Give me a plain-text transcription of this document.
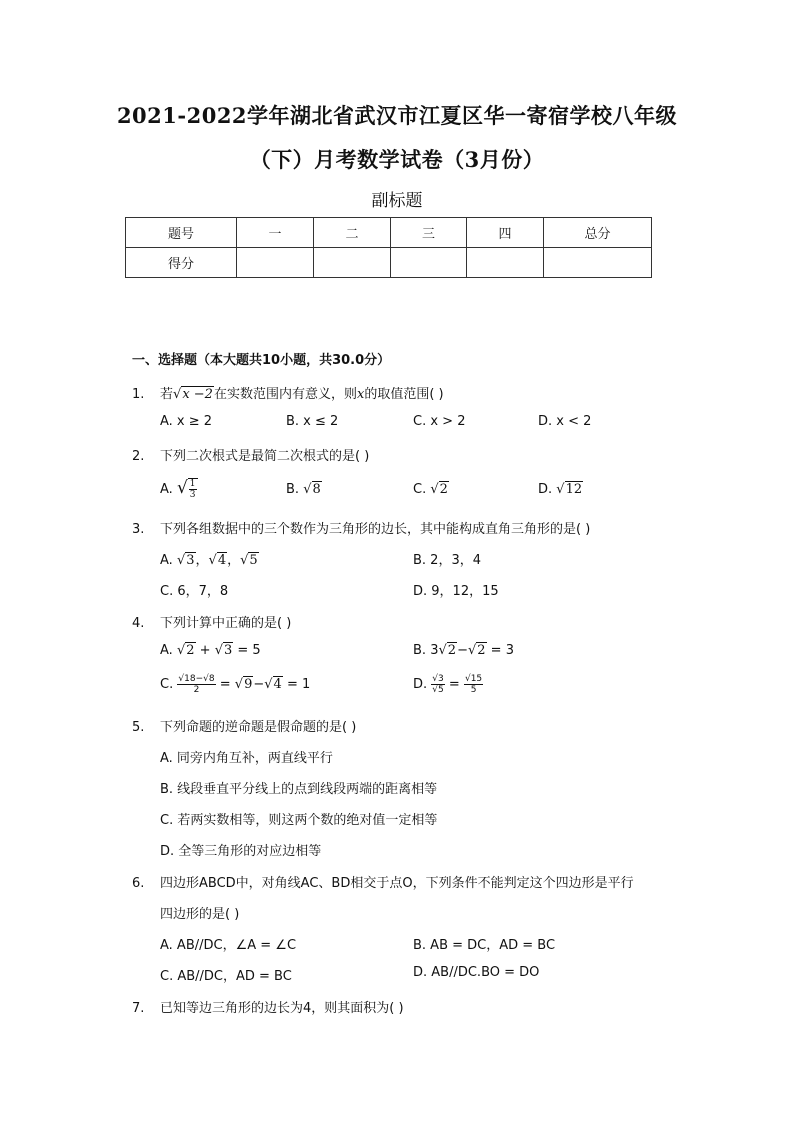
2021-2022学年湖北省武汉市江夏区华一寄宿学校八年级
（下）月考数学试卷（3月份）
副标题
题号	一	二	三	四	总分
得分					
一、选择题（本大题共10小题，共30.0分）
1. 若√x −2在实数范围内有意义，则x的取值范围( )
A. x ≥ 2	B. x ≤ 2	C. x > 2	D. x < 2
2. 下列二次根式是最简二次根式的是( )
A. √ $\frac{1}{3}$	B. √8	C. √2	D. √12
3. 下列各组数据中的三个数作为三角形的边长，其中能构成直角三角形的是( )
A. √3，√4，√5	B. 2，3，4
C. 6，7，8	D. 9，12，15
4. 下列计算中正确的是( )
A. √2 + √3 = 5	B. 3√2−√2 = 3
C. $\frac{√18-√8}{2} = √9-√4 = 1$	D. $\frac{√3}{√5} = \frac{√15}{5}$
5. 下列命题的逆命题是假命题的是( )
A. 同旁内角互补，两直线平行
B. 线段垂直平分线上的点到线段两端的距离相等
C. 若两实数相等，则这两个数的绝对值一定相等
D. 全等三角形的对应边相等
6. 四边形ABCD中，对角线AC、BD相交于点O，下列条件不能判定这个四边形是平行
四边形的是( )
A. AB//DC，∠A = ∠C	B. AB = DC，AD = BC
C. AB//DC，AD = BC	D. AB//DC.BO = DO
7. 已知等边三角形的边长为4，则其面积为( )
